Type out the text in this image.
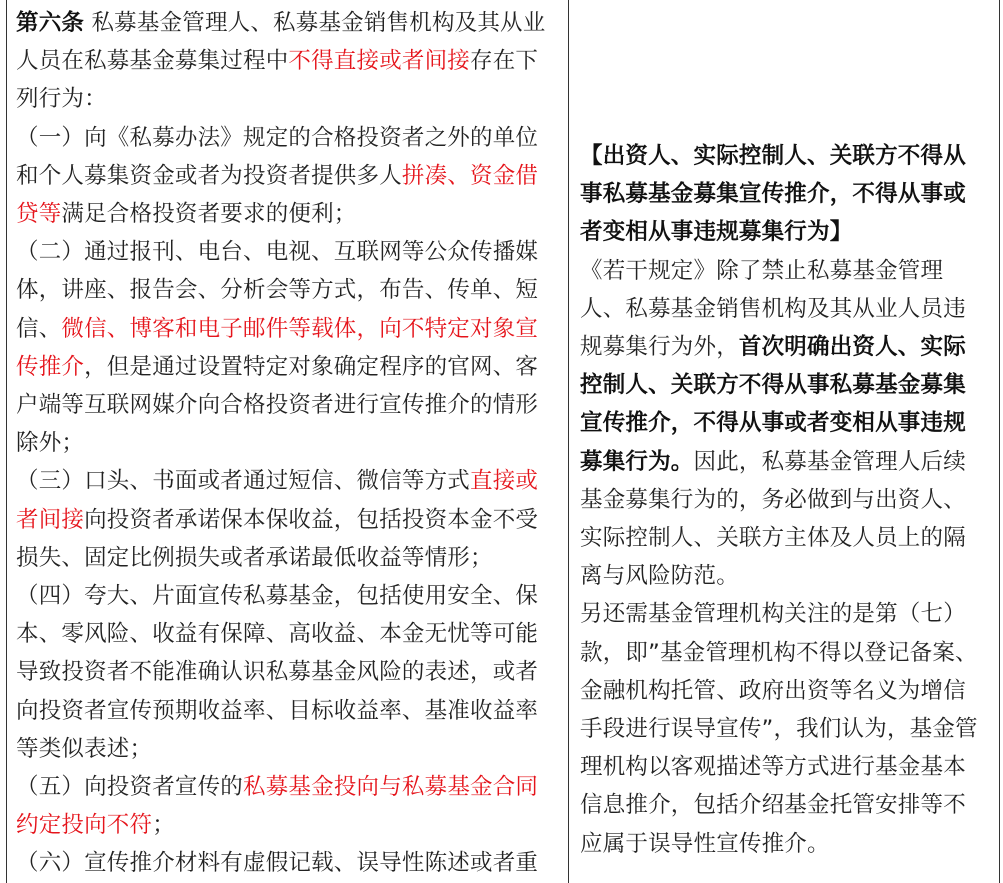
第六条 私募基金管理人、私募基金销售机构及其从业人员在私募基金募集过程中不得直接或者间接存在下列行为：

（一）向《私募办法》规定的合格投资者之外的单位和个人募集资金或者为投资者提供多人拼凑、资金借贷等满足合格投资者要求的便利；

（二）通过报刊、电台、电视、互联网等公众传播媒体，讲座、报告会、分析会等方式，布告、传单、短信、微信、博客和电子邮件等载体，向不特定对象宣传推介，但是通过设置特定对象确定程序的官网、客户端等互联网媒介向合格投资者进行宣传推介的情形除外；

（三）口头、书面或者通过短信、微信等方式直接或者间接向投资者承诺保本保收益，包括投资本金不受损失、固定比例损失或者承诺最低收益等情形；

（四）夸大、片面宣传私募基金，包括使用安全、保本、零风险、收益有保障、高收益、本金无忧等可能导致投资者不能准确认识私募基金风险的表述，或者向投资者宣传预期收益率、目标收益率、基准收益率等类似表述；

（五）向投资者宣传的私募基金投向与私募基金合同约定投向不符；

（六）宣传推介材料有虚假记载、误导性陈述或者重

【出资人、实际控制人、关联方不得从事私募基金募集宣传推介，不得从事或者变相从事违规募集行为】

《若干规定》除了禁止私募基金管理人、私募基金销售机构及其从业人员违规募集行为外，首次明确出资人、实际控制人、关联方不得从事私募基金募集宣传推介，不得从事或者变相从事违规募集行为。因此，私募基金管理人后续基金募集行为的，务必做到与出资人、实际控制人、关联方主体及人员上的隔离与风险防范。

另还需基金管理机构关注的是第（七）款，即”基金管理机构不得以登记备案、金融机构托管、政府出资等名义为增信手段进行误导宣传”，我们认为，基金管理机构以客观描述等方式进行基金基本信息推介，包括介绍基金托管安排等不应属于误导性宣传推介。
